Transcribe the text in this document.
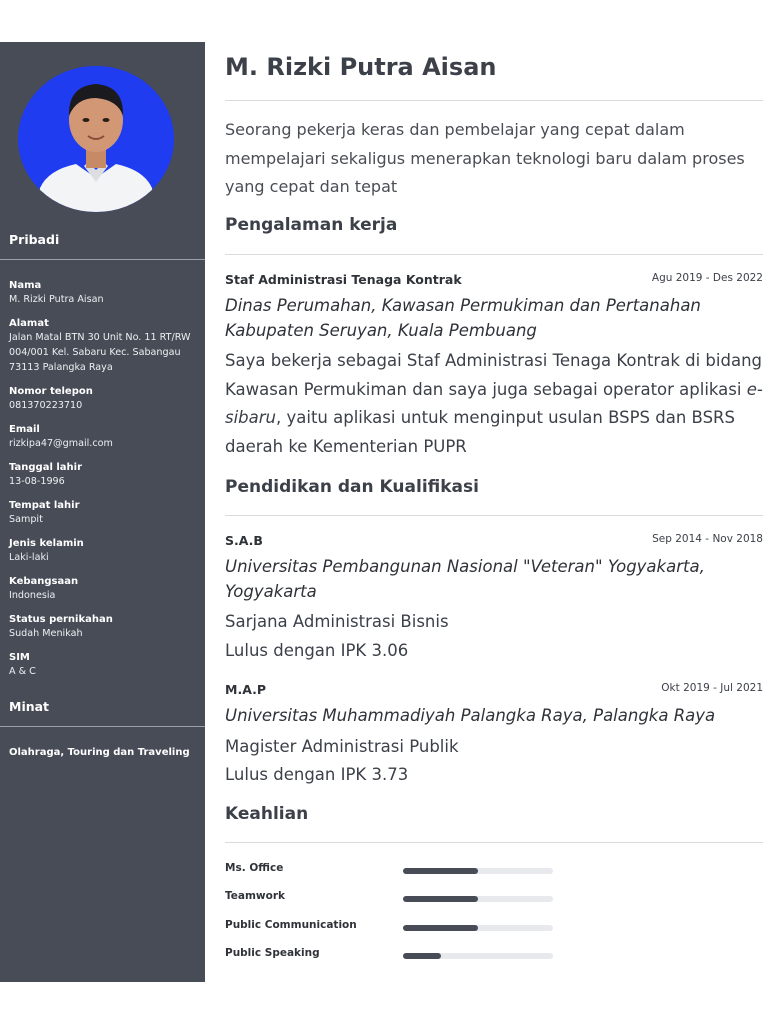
Pribadi
Nama
M. Rizki Putra Aisan
Alamat
Jalan Matal BTN 30 Unit No. 11 RT/RW 004/001 Kel. Sabaru Kec. Sabangau 73113 Palangka Raya
Nomor telepon
081370223710
Email
rizkipa47@gmail.com
Tanggal lahir
13-08-1996
Tempat lahir
Sampit
Jenis kelamin
Laki-laki
Kebangsaan
Indonesia
Status pernikahan
Sudah Menikah
SIM
A & C
Minat
Olahraga, Touring dan Traveling
M. Rizki Putra Aisan
Seorang pekerja keras dan pembelajar yang cepat dalam mempelajari sekaligus menerapkan teknologi baru dalam proses yang cepat dan tepat
Pengalaman kerja
Staf Administrasi Tenaga Kontrak	Agu 2019 - Des 2022
Dinas Perumahan, Kawasan Permukiman dan Pertanahan Kabupaten Seruyan, Kuala Pembuang
Saya bekerja sebagai Staf Administrasi Tenaga Kontrak di bidang Kawasan Permukiman dan saya juga sebagai operator aplikasi e-sibaru, yaitu aplikasi untuk menginput usulan BSPS dan BSRS daerah ke Kementerian PUPR
Pendidikan dan Kualifikasi
S.A.B	Sep 2014 - Nov 2018
Universitas Pembangunan Nasional "Veteran" Yogyakarta, Yogyakarta
Sarjana Administrasi Bisnis
Lulus dengan IPK 3.06
M.A.P	Okt 2019 - Jul 2021
Universitas Muhammadiyah Palangka Raya, Palangka Raya
Magister Administrasi Publik
Lulus dengan IPK 3.73
Keahlian
Ms. Office
Teamwork
Public Communication
Public Speaking
